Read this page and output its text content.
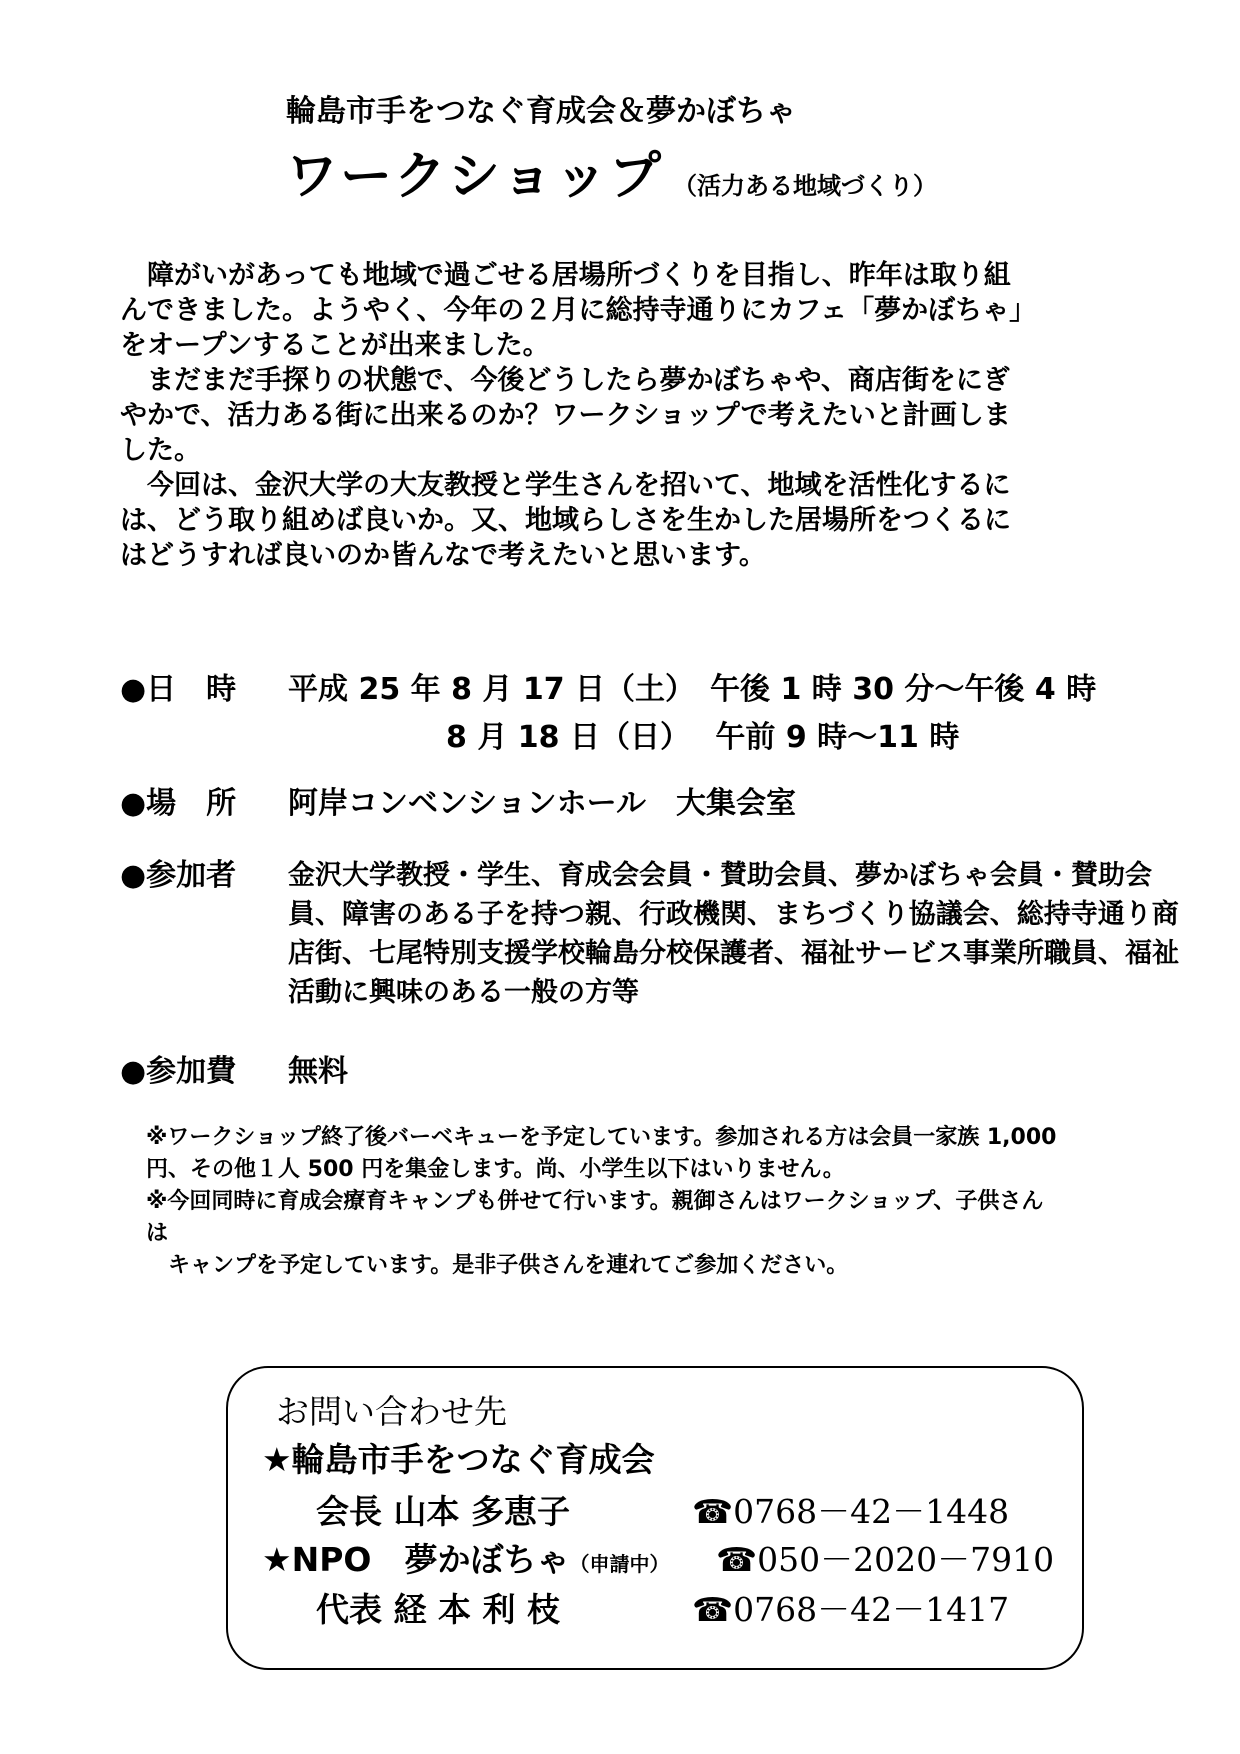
輪島市手をつなぐ育成会＆夢かぼちゃ
ワークショップ （活力ある地域づくり）

　障がいがあっても地域で過ごせる居場所づくりを目指し、昨年は取り組
んできました。ようやく、今年の２月に総持寺通りにカフェ「夢かぼちゃ」
をオープンすることが出来ました。

　まだまだ手探りの状態で、今後どうしたら夢かぼちゃや、商店街をにぎ
やかで、活力ある街に出来るのか？ワークショップで考えたいと計画しま
した。

　今回は、金沢大学の大友教授と学生さんを招いて、地域を活性化するに
は、どう取り組めば良いか。又、地域らしさを生かした居場所をつくるに
はどうすれば良いのか皆んなで考えたいと思います。

●日　時 平成 25 年 8 月 17 日（土）　午後 1 時 30 分～午後 4 時
8 月 18 日（日）　 午前 9 時～11 時
●場　所 阿岸コンベンションホール　大集会室
●参加者 金沢大学教授・学生、育成会会員・賛助会員、夢かぼちゃ会員・賛助会員、障害のある子を持つ親、行政機関、まちづくり協議会、総持寺通り商店街、七尾特別支援学校輪島分校保護者、福祉サービス事業所職員、福祉活動に興味のある一般の方等
●参加費 無料
※ワークショップ終了後バーベキューを予定しています。参加される方は会員一家族 1,000
円、その他１人 500 円を集金します。尚、小学生以下はいりません。
※今回同時に育成会療育キャンプも併せて行います。親御さんはワークショップ、子供さん
は
　キャンプを予定しています。是非子供さんを連れてご参加ください。
お問い合わせ先
★輪島市手をつなぐ育成会
会長 山本 多恵子	☎0768－42－1448
★NPO　夢かぼちゃ（申請中） ☎050－2020－7910
代表 経 本 利 枝	☎0768－42－1417
